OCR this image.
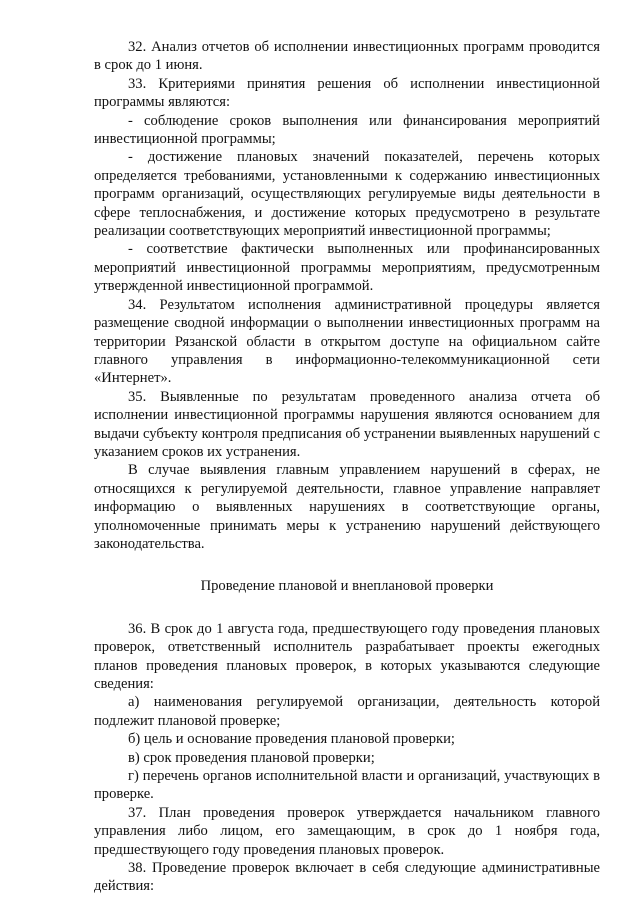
32. Анализ отчетов об исполнении инвестиционных программ проводится в срок до 1 июня.

33. Критериями принятия решения об исполнении инвестиционной программы являются:

- соблюдение сроков выполнения или финансирования мероприятий инвестиционной программы;

- достижение плановых значений показателей, перечень которых определяется требованиями, установленными к содержанию инвестиционных программ организаций, осуществляющих регулируемые виды деятельности в сфере теплоснабжения, и достижение которых предусмотрено в результате реализации соответствующих мероприятий инвестиционной программы;

- соответствие фактически выполненных или профинансированных мероприятий инвестиционной программы мероприятиям, предусмотренным утвержденной инвестиционной программой.

34. Результатом исполнения административной процедуры является размещение сводной информации о выполнении инвестиционных программ на территории Рязанской области в открытом доступе на официальном сайте главного управления в информационно-телекоммуникационной сети «Интернет».

35. Выявленные по результатам проведенного анализа отчета об исполнении инвестиционной программы нарушения являются основанием для выдачи субъекту контроля предписания об устранении выявленных нарушений с указанием сроков их устранения.

В случае выявления главным управлением нарушений в сферах, не относящихся к регулируемой деятельности, главное управление направляет информацию о выявленных нарушениях в соответствующие органы, уполномоченные принимать меры к устранению нарушений действующего законодательства.

Проведение плановой и внеплановой проверки

36. В срок до 1 августа года, предшествующего году проведения плановых проверок, ответственный исполнитель разрабатывает проекты ежегодных планов проведения плановых проверок, в которых указываются следующие сведения:

а) наименования регулируемой организации, деятельность которой подлежит плановой проверке;

б) цель и основание проведения плановой проверки;

в) срок проведения плановой проверки;

г) перечень органов исполнительной власти и организаций, участвующих в проверке.

37. План проведения проверок утверждается начальником главного управления либо лицом, его замещающим, в срок до 1 ноября года, предшествующего году проведения плановых проверок.

38. Проведение проверок включает в себя следующие административные действия:
